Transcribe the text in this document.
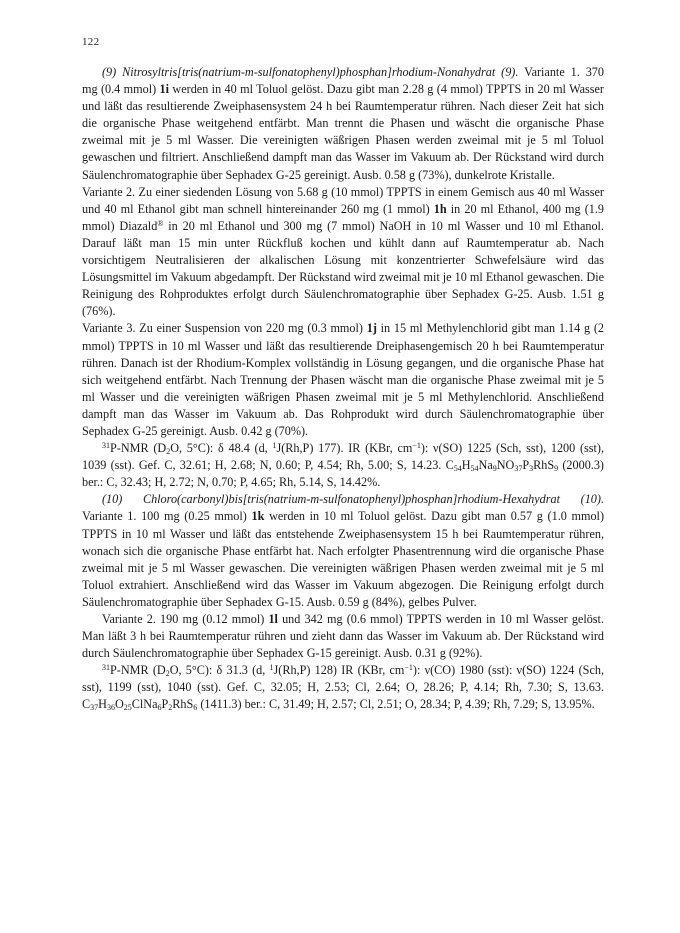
122

(9) Nitrosyltris[tris(natrium-m-sulfonatophenyl)phosphan]rhodium-Nonahydrat (9). Variante 1. 370 mg (0.4 mmol) 1i werden in 40 ml Toluol gelöst. Dazu gibt man 2.28 g (4 mmol) TPPTS in 20 ml Wasser und läßt das resultierende Zweiphasensystem 24 h bei Raumtemperatur rühren. Nach dieser Zeit hat sich die organische Phase weitgehend entfärbt. Man trennt die Phasen und wäscht die organische Phase zweimal mit je 5 ml Wasser. Die vereinigten wäßrigen Phasen werden zweimal mit je 5 ml Toluol gewaschen und filtriert. Anschließend dampft man das Wasser im Vakuum ab. Der Rückstand wird durch Säulenchromatographie über Sephadex G-25 gereinigt. Ausb. 0.58 g (73%), dunkelrote Kristalle.

Variante 2. Zu einer siedenden Lösung von 5.68 g (10 mmol) TPPTS in einem Gemisch aus 40 ml Wasser und 40 ml Ethanol gibt man schnell hintereinander 260 mg (1 mmol) 1h in 20 ml Ethanol, 400 mg (1.9 mmol) Diazald® in 20 ml Ethanol und 300 mg (7 mmol) NaOH in 10 ml Wasser und 10 ml Ethanol. Darauf läßt man 15 min unter Rückfluß kochen und kühlt dann auf Raumtemperatur ab. Nach vorsichtigem Neutralisieren der alkalischen Lösung mit konzentrierter Schwefelsäure wird das Lösungsmittel im Vakuum abgedampft. Der Rückstand wird zweimal mit je 10 ml Ethanol gewaschen. Die Reinigung des Rohproduktes erfolgt durch Säulenchromatographie über Sephadex G-25. Ausb. 1.51 g (76%).

Variante 3. Zu einer Suspension von 220 mg (0.3 mmol) 1j in 15 ml Methylenchlorid gibt man 1.14 g (2 mmol) TPPTS in 10 ml Wasser und läßt das resultierende Dreiphasengemisch 20 h bei Raumtemperatur rühren. Danach ist der Rhodium-Komplex vollständig in Lösung gegangen, und die organische Phase hat sich weitgehend entfärbt. Nach Trennung der Phasen wäscht man die organische Phase zweimal mit je 5 ml Wasser und die vereinigten wäßrigen Phasen zweimal mit je 5 ml Methylenchlorid. Anschließend dampft man das Wasser im Vakuum ab. Das Rohprodukt wird durch Säulenchromatographie über Sephadex G-25 gereinigt. Ausb. 0.42 g (70%).

$^{31}$P-NMR ($D_2O$, 5°C): δ 48.4 (d, $^1$J(Rh,P) 177). IR (KBr, $cm^{-1}$): ν(SO) 1225 (Sch, sst), 1200 (sst), 1039 (sst). Gef. C, 32.61; H, 2.68; N, 0.60; P, 4.54; Rh, 5.00; S, 14.23. $C_{54}H_{54}Na_9NO_{37}P_3RhS_9$ (2000.3) ber.: C, 32.43; H, 2.72; N, 0.70; P, 4.65; Rh, 5.14, S, 14.42%.

(10) Chloro(carbonyl)bis[tris(natrium-m-sulfonatophenyl)phosphan]rhodium-Hexahydrat (10). Variante 1. 100 mg (0.25 mmol) 1k werden in 10 ml Toluol gelöst. Dazu gibt man 0.57 g (1.0 mmol) TPPTS in 10 ml Wasser und läßt das entstehende Zweiphasensystem 15 h bei Raumtemperatur rühren, wonach sich die organische Phase entfärbt hat. Nach erfolgter Phasentrennung wird die organische Phase zweimal mit je 5 ml Wasser gewaschen. Die vereinigten wäßrigen Phasen werden zweimal mit je 5 ml Toluol extrahiert. Anschließend wird das Wasser im Vakuum abgezogen. Die Reinigung erfolgt durch Säulenchromatographie über Sephadex G-15. Ausb. 0.59 g (84%), gelbes Pulver.

Variante 2. 190 mg (0.12 mmol) 1l und 342 mg (0.6 mmol) TPPTS werden in 10 ml Wasser gelöst. Man läßt 3 h bei Raumtemperatur rühren und zieht dann das Wasser im Vakuum ab. Der Rückstand wird durch Säulenchromatographie über Sephadex G-15 gereinigt. Ausb. 0.31 g (92%).

$^{31}$P-NMR ($D_2O$, 5°C): δ 31.3 (d, $^1$J(Rh,P) 128) IR (KBr, $cm^{-1}$): ν(CO) 1980 (sst): ν(SO) 1224 (Sch, sst), 1199 (sst), 1040 (sst). Gef. C, 32.05; H, 2.53; Cl, 2.64; O, 28.26; P, 4.14; Rh, 7.30; S, 13.63. $C_{37}H_{36}O_{25}ClNa_6P_2RhS_6$ (1411.3) ber.: C, 31.49; H, 2.57; Cl, 2.51; O, 28.34; P, 4.39; Rh, 7.29; S, 13.95%.
